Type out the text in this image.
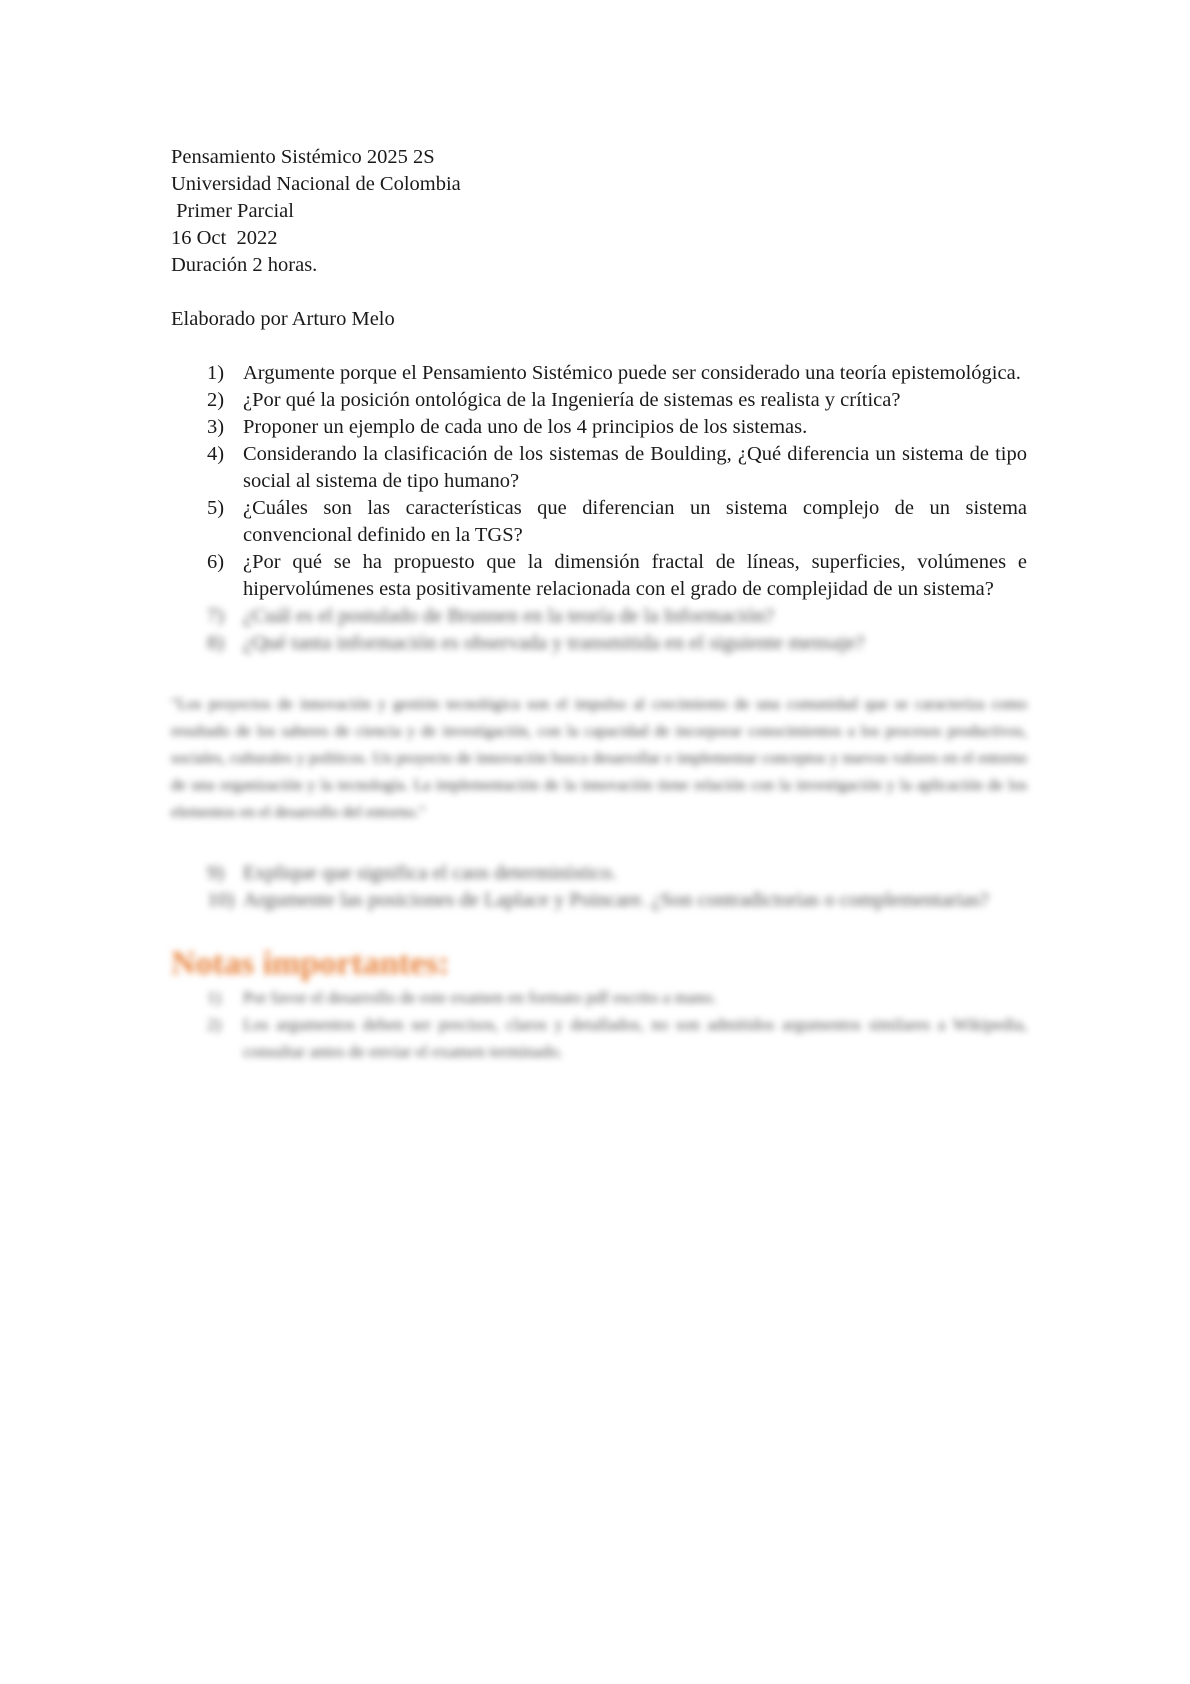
Pensamiento Sistémico 2025 2S

Universidad Nacional de Colombia

Primer Parcial

16 Oct  2022

Duración 2 horas.

Elaborado por Arturo Melo
1) Argumente porque el Pensamiento Sistémico puede ser considerado una teoría epistemológica.
2) ¿Por qué la posición ontológica de la Ingeniería de sistemas es realista y crítica?
3) Proponer un ejemplo de cada uno de los 4 principios de los sistemas.
4) Considerando la clasificación de los sistemas de Boulding, ¿Qué diferencia un sistema de tipo social al sistema de tipo humano?
5) ¿Cuáles son las características que diferencian un sistema complejo de un sistema convencional definido en la TGS?
6) ¿Por qué se ha propuesto que la dimensión fractal de líneas, superficies, volúmenes e hipervolúmenes esta positivamente relacionada con el grado de complejidad de un sistema?
7) ¿Cuál es el postulado de Brunnen en la teoría de la Información?
8) ¿Qué tanta información es observada y transmitida en el siguiente mensaje?
"Los proyectos de innovación y gestión tecnológica son el impulso al crecimiento de una comunidad que se caracteriza como resultado de los saberes de ciencia y de investigación, con la capacidad de incorporar conocimientos a los procesos productivos, sociales, culturales y políticos. Un proyecto de innovación busca desarrollar e implementar conceptos y nuevos valores en el entorno de una organización y la tecnología. La implementación de la innovación tiene relación con la investigación y la aplicación de los elementos en el desarrollo del entorno."
9) Explique que significa el caos determinístico.
10) Argumente las posiciones de Laplace y Poincare. ¿Son contradictorias o complementarias?
Notas importantes:
1) Por favor el desarrollo de este examen en formato pdf escrito a mano.
2) Los argumentos deben ser precisos, claros y detallados, no son admitidos argumentos similares a Wikipedia, consultar antes de enviar el examen terminado.
